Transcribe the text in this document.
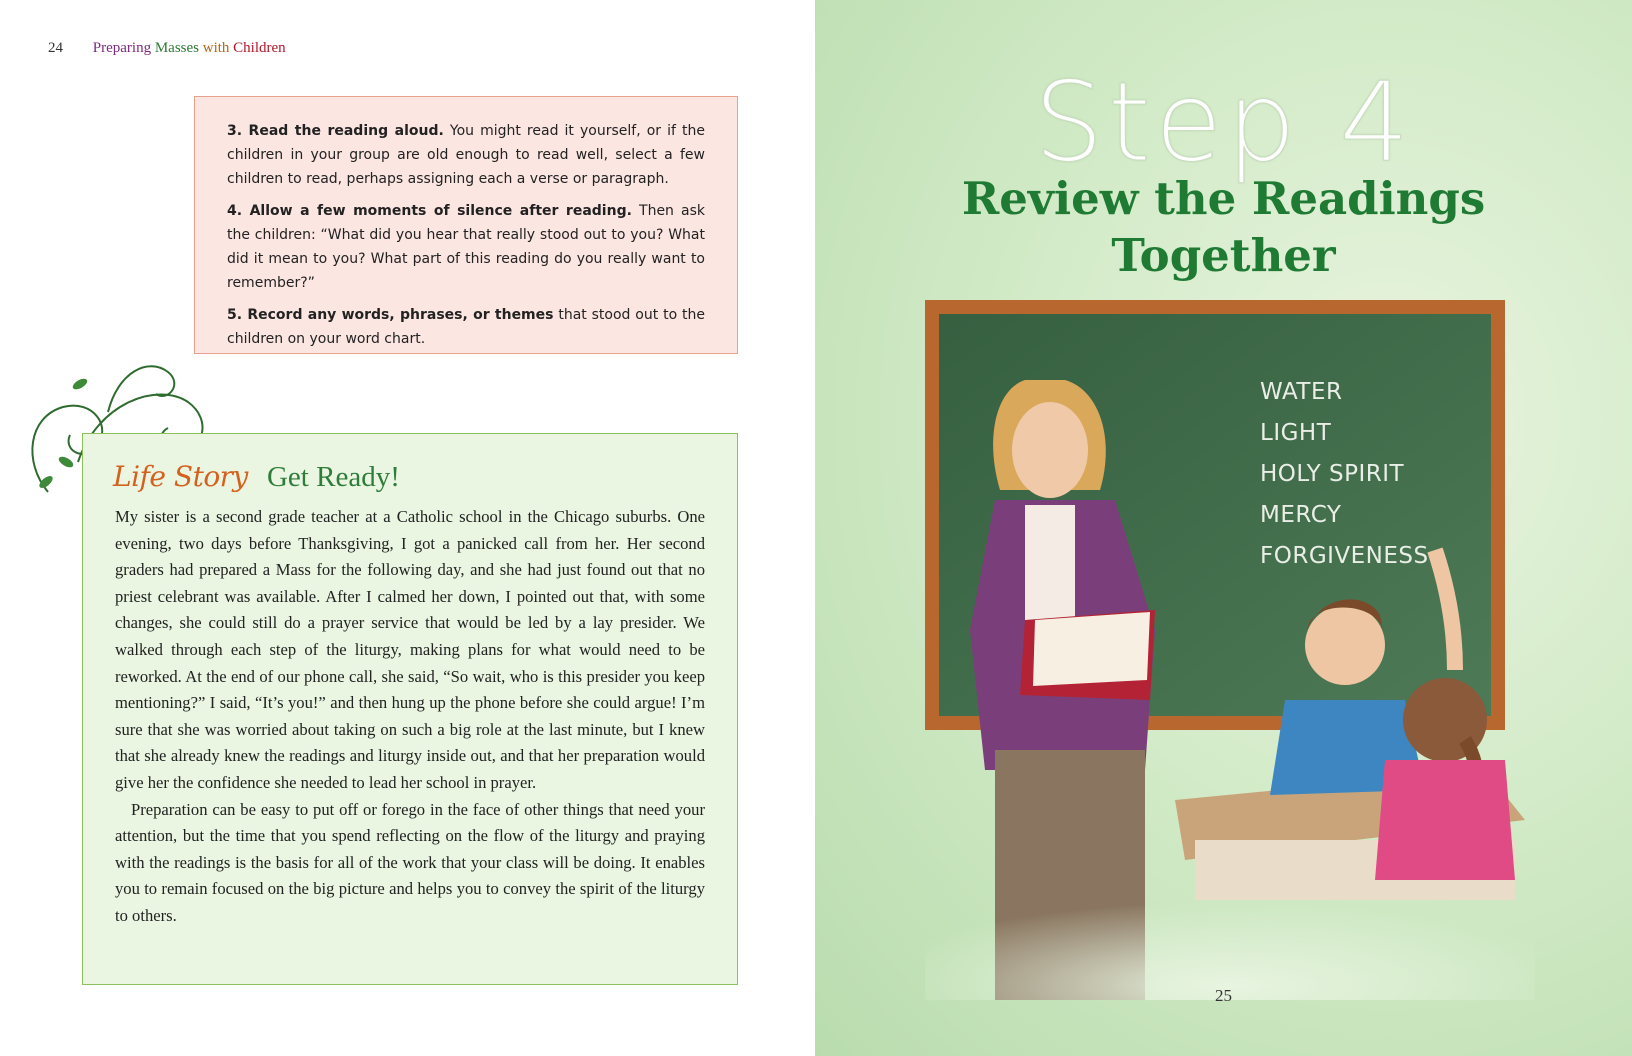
24 Preparing Masses with Children

3. Read the reading aloud. You might read it yourself, or if the children in your group are old enough to read well, select a few children to read, perhaps assigning each a verse or paragraph.

4. Allow a few moments of silence after reading. Then ask the children: “What did you hear that really stood out to you? What did it mean to you? What part of this reading do you really want to remember?”

5. Record any words, phrases, or themes that stood out to the children on your word chart.

Life Story Get Ready!

My sister is a second grade teacher at a Catholic school in the Chicago suburbs. One evening, two days before Thanksgiving, I got a panicked call from her. Her second graders had prepared a Mass for the following day, and she had just found out that no priest celebrant was available. After I calmed her down, I pointed out that, with some changes, she could still do a prayer service that would be led by a lay presider. We walked through each step of the liturgy, making plans for what would need to be reworked. At the end of our phone call, she said, “So wait, who is this presider you keep mentioning?” I said, “It’s you!” and then hung up the phone before she could argue! I’m sure that she was worried about taking on such a big role at the last minute, but I knew that she already knew the readings and liturgy inside out, and that her preparation would give her the confidence she needed to lead her school in prayer.

Preparation can be easy to put off or forego in the face of other things that need your attention, but the time that you spend reflecting on the flow of the liturgy and praying with the readings is the basis for all of the work that your class will be doing. It enables you to remain focused on the big picture and helps you to convey the spirit of the liturgy to others.

Step 4
Review the Readings
Together
WATER
LIGHT
HOLY SPIRIT
MERCY
FORGIVENESS
25
